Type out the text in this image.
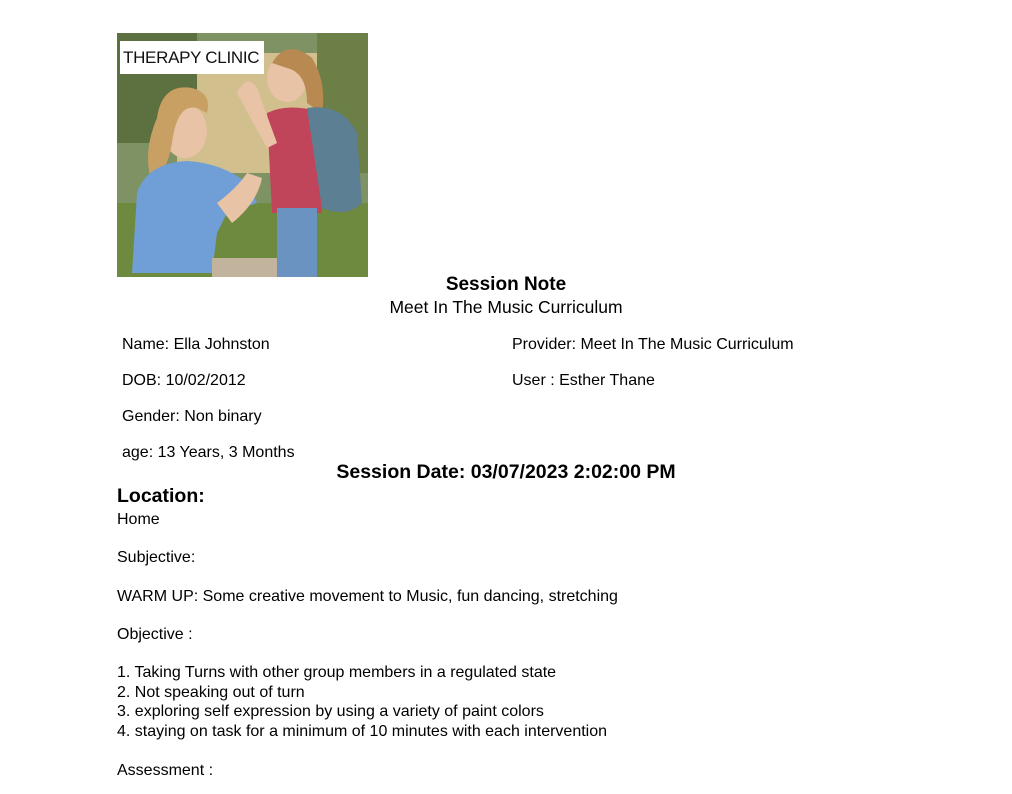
THERAPY CLINIC
Session Note
Meet In The Music Curriculum
Name: Ella Johnston	Provider: Meet In The Music Curriculum
DOB: 10/02/2012	User : Esther Thane
Gender: Non binary
age: 13 Years, 3 Months
Session Date: 03/07/2023 2:02:00 PM
Location:
Home
Subjective:
WARM UP: Some creative movement to Music, fun dancing, stretching
Objective :
1. Taking Turns with other group members in a regulated state
2. Not speaking out of turn
3. exploring self expression by using a variety of paint colors
4. staying on task for a minimum of 10 minutes with each intervention
Assessment :
